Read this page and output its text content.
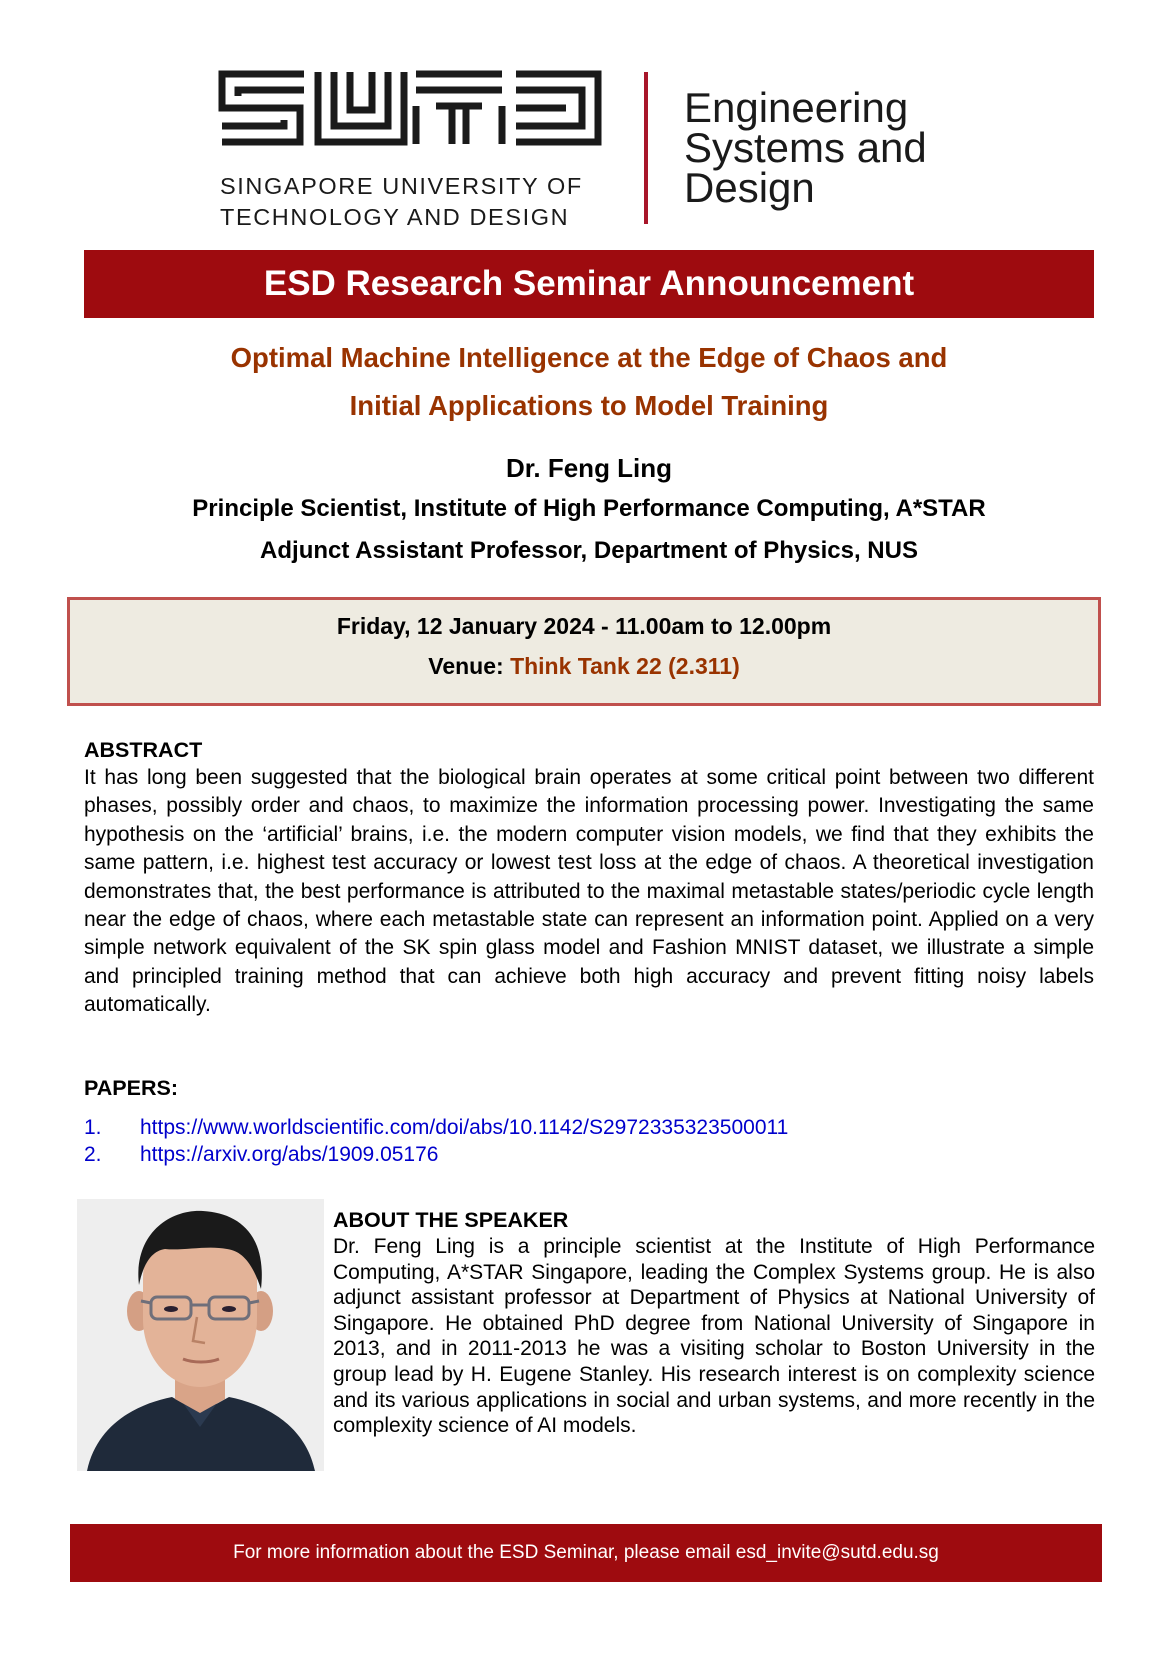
SINGAPORE UNIVERSITY OF
TECHNOLOGY AND DESIGN
Engineering
Systems and
Design
ESD Research Seminar Announcement
Optimal Machine Intelligence at the Edge of Chaos and
Initial Applications to Model Training
Dr. Feng Ling
Principle Scientist, Institute of High Performance Computing, A*STAR
Adjunct Assistant Professor, Department of Physics, NUS
Friday, 12 January 2024 - 11.00am to 12.00pm
Venue: Think Tank 22 (2.311)
ABSTRACT
It has long been suggested that the biological brain operates at some critical point between two different phases, possibly order and chaos, to maximize the information processing power. Investigating the same hypothesis on the ‘artificial’ brains, i.e. the modern computer vision models, we find that they exhibits the same pattern, i.e. highest test accuracy or lowest test loss at the edge of chaos. A theoretical investigation demonstrates that, the best performance is attributed to the maximal metastable states/periodic cycle length near the edge of chaos, where each metastable state can represent an information point. Applied on a very simple network equivalent of the SK spin glass model and Fashion MNIST dataset, we illustrate a simple and principled training method that can achieve both high accuracy and prevent fitting noisy labels automatically.
PAPERS:
1.	https://www.worldscientific.com/doi/abs/10.1142/S2972335323500011
2.	https://arxiv.org/abs/1909.05176
ABOUT THE SPEAKER
Dr. Feng Ling is a principle scientist at the Institute of High Performance Computing, A*STAR Singapore, leading the Complex Systems group. He is also adjunct assistant professor at Department of Physics at National University of Singapore. He obtained PhD degree from National University of Singapore in 2013, and in 2011-2013 he was a visiting scholar to Boston University in the group lead by H. Eugene Stanley. His research interest is on complexity science and its various applications in social and urban systems, and more recently in the complexity science of AI models.
For more information about the ESD Seminar, please email esd_invite@sutd.edu.sg
